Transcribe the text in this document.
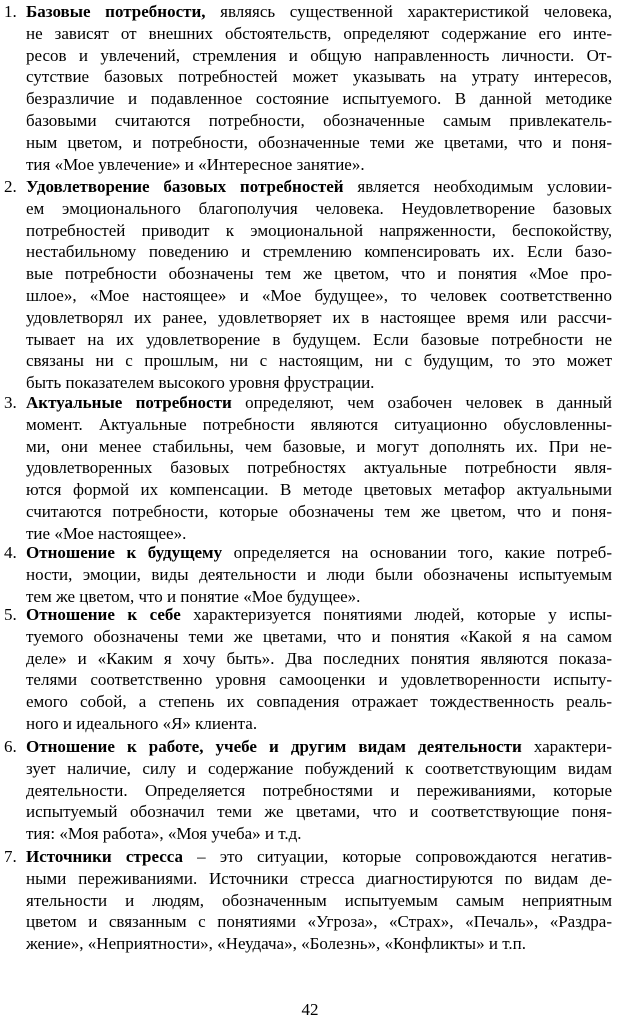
1. Базовые потребности, являясь существенной характеристикой человека,
не зависят от внешних обстоятельств, определяют содержание его инте-
ресов и увлечений, стремления и общую направленность личности. От-
сутствие базовых потребностей может указывать на утрату интересов,
безразличие и подавленное состояние испытуемого. В данной методике
базовыми считаются потребности, обозначенные самым привлекатель-
ным цветом, и потребности, обозначенные теми же цветами, что и поня-
тия «Мое увлечение» и «Интересное занятие».
2. Удовлетворение базовых потребностей является необходимым условии-
ем эмоционального благополучия человека. Неудовлетворение базовых
потребностей приводит к эмоциональной напряженности, беспокойству,
нестабильному поведению и стремлению компенсировать их. Если базо-
вые потребности обозначены тем же цветом, что и понятия «Мое про-
шлое», «Мое настоящее» и «Мое будущее», то человек соответственно
удовлетворял их ранее, удовлетворяет их в настоящее время или рассчи-
тывает на их удовлетворение в будущем. Если базовые потребности не
связаны ни с прошлым, ни с настоящим, ни с будущим, то это может
быть показателем высокого уровня фрустрации.
3. Актуальные потребности определяют, чем озабочен человек в данный
момент. Актуальные потребности являются ситуационно обусловленны-
ми, они менее стабильны, чем базовые, и могут дополнять их. При не-
удовлетворенных базовых потребностях актуальные потребности явля-
ются формой их компенсации. В методе цветовых метафор актуальными
считаются потребности, которые обозначены тем же цветом, что и поня-
тие «Мое настоящее».
4. Отношение к будущему определяется на основании того, какие потреб-
ности, эмоции, виды деятельности и люди были обозначены испытуемым
тем же цветом, что и понятие «Мое будущее».
5. Отношение к себе характеризуется понятиями людей, которые у испы-
туемого обозначены теми же цветами, что и понятия «Какой я на самом
деле» и «Каким я хочу быть». Два последних понятия являются показа-
телями соответственно уровня самооценки и удовлетворенности испыту-
емого собой, а степень их совпадения отражает тождественность реаль-
ного и идеального «Я» клиента.
6. Отношение к работе, учебе и другим видам деятельности характери-
зует наличие, силу и содержание побуждений к соответствующим видам
деятельности. Определяется потребностями и переживаниями, которые
испытуемый обозначил теми же цветами, что и соответствующие поня-
тия: «Моя работа», «Моя учеба» и т.д.
7. Источники стресса – это ситуации, которые сопровождаются негатив-
ными переживаниями. Источники стресса диагностируются по видам де-
ятельности и людям, обозначенным испытуемым самым неприятным
цветом и связанным с понятиями «Угроза», «Страх», «Печаль», «Раздра-
жение», «Неприятности», «Неудача», «Болезнь», «Конфликты» и т.п.
42
